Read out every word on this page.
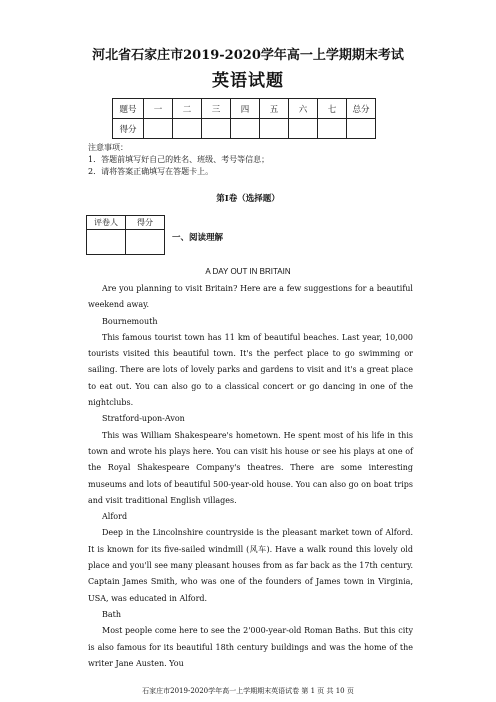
河北省石家庄市2019-2020学年高一上学期期末考试
英语试题
题号	一	二	三	四	五	六	七	总分
得分								
注意事项：
1．答题前填写好自己的姓名、班级、考号等信息；
2．请将答案正确填写在答题卡上。
第I卷（选择题）
评卷人	得分

一、阅读理解
A DAY OUT IN BRITAIN

Are you planning to visit Britain? Here are a few suggestions for a beautiful weekend away.

Bournemouth

This famous tourist town has 11 km of beautiful beaches. Last year, 10,000 tourists visited this beautiful town. It's the perfect place to go swimming or sailing. There are lots of lovely parks and gardens to visit and it's a great place to eat out. You can also go to a classical concert or go dancing in one of the nightclubs.

Stratford-upon-Avon

This was William Shakespeare's hometown. He spent most of his life in this town and wrote his plays here. You can visit his house or see his plays at one of the Royal Shakespeare Company's theatres. There are some interesting museums and lots of beautiful 500-year-old house. You can also go on boat trips and visit traditional English villages.

Alford

Deep in the Lincolnshire countryside is the pleasant market town of Alford. It is known for its five-sailed windmill (风车). Have a walk round this lovely old place and you'll see many pleasant houses from as far back as the 17th century. Captain James Smith, who was one of the founders of James town in Virginia, USA, was educated in Alford.

Bath

Most people come here to see the 2'000-year-old Roman Baths. But this city is also famous for its beautiful 18th century buildings and was the home of the writer Jane Austen. You

石家庄市2019-2020学年高一上学期期末英语试卷 第 1 页 共 10 页
